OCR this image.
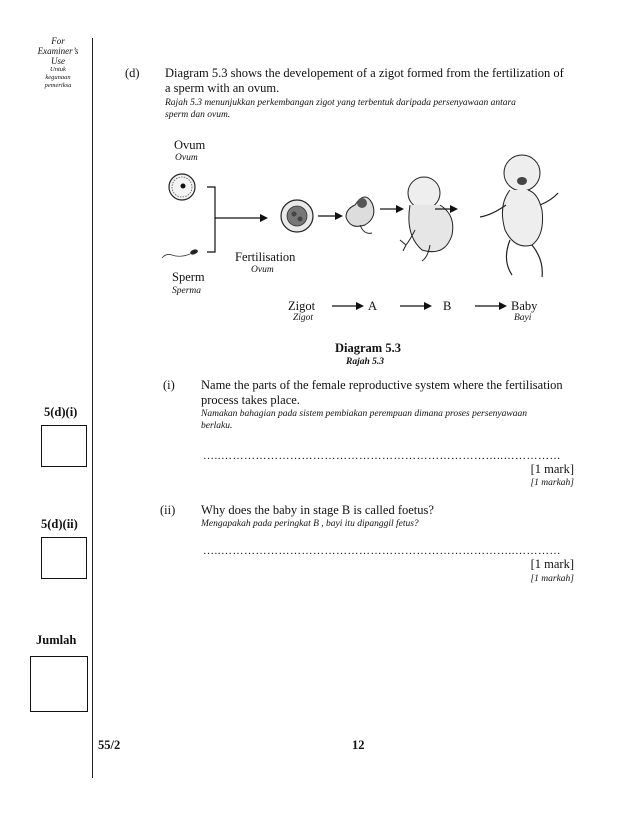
For
Examiner’s
Use
Untuk
kegunaan
pemeriksa
5(d)(i)
5(d)(ii)
Jumlah
(d) Diagram 5.3 shows the developement of a zigot formed from the fertilization of
a sperm with an ovum.
Rajah 5.3 menunjukkan perkembangan zigot yang terbentuk daripada persenyawaan antara
sperm dan ovum.
Ovum
Ovum
Fertilisation
Ovum
Sperm
Sperma
Zigot
Zigot
A	B	Baby
Bayi
Diagram 5.3
Rajah 5.3
(i) Name the parts of the female reproductive system where the fertilisation
process takes place.
Namakan bahagian pada sistem pembiakan perempuan dimana proses persenyawaan
berlaku.
…..………………………………………………………………..……………
[1 mark]
[1 markah]
(ii) Why does the baby in stage B is called foetus?
Mengapakah pada peringkat B , bayi itu dipanggil fetus?
…..…………………………………………………………………..…………
[1 mark]
[1 markah]
55/2	12
